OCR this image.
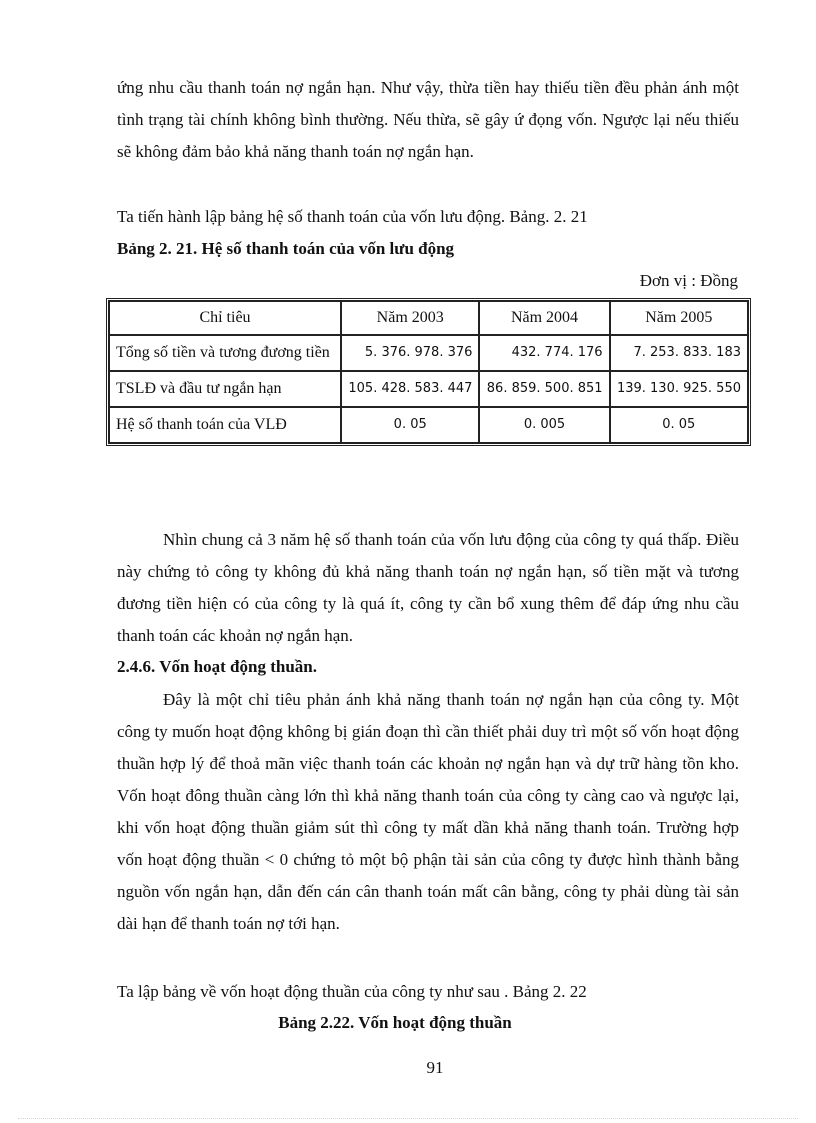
ứng nhu cầu thanh toán nợ ngắn hạn. Như vậy, thừa tiền hay thiếu tiền đều phản ánh một tình trạng tài chính không bình thường. Nếu thừa, sẽ gây ứ đọng vốn. Ngược lại nếu thiếu sẽ không đảm bảo khả năng thanh toán nợ ngắn hạn.

Ta tiến hành lập bảng hệ số thanh toán của vốn lưu động. Bảng. 2. 21

Bảng 2. 21. Hệ số thanh toán của vốn lưu động

Đơn vị : Đồng
Chỉ tiêu	Năm 2003	Năm 2004	Năm 2005
Tổng số tiền và tương đương tiền	5. 376. 978. 376	432. 774. 176	7. 253. 833. 183
TSLĐ và đầu tư ngắn hạn	105. 428. 583. 447	86. 859. 500. 851	139. 130. 925. 550
Hệ số thanh toán của VLĐ	0. 05	0. 005	0. 05

Nhìn chung cả 3 năm hệ số thanh toán của vốn lưu động của công ty quá thấp. Điều này chứng tỏ công ty không đủ khả năng thanh toán nợ ngắn hạn, số tiền mặt và tương đương tiền hiện có của công ty là quá ít, công ty cần bổ xung thêm để đáp ứng nhu cầu thanh toán các khoản nợ ngắn hạn.

2.4.6. Vốn hoạt động thuần.

Đây là một chỉ tiêu phản ánh khả năng thanh toán nợ ngắn hạn của công ty. Một công ty muốn hoạt động không bị gián đoạn thì cần thiết phải duy trì một số vốn hoạt động thuần hợp lý để thoả mãn việc thanh toán các khoản nợ ngắn hạn và dự trữ hàng tồn kho. Vốn hoạt đông thuần càng lớn thì khả năng thanh toán của công ty càng cao và ngược lại, khi vốn hoạt động thuần giảm sút thì công ty mất dần khả năng thanh toán. Trường hợp vốn hoạt động thuần < 0 chứng tỏ một bộ phận tài sản của công ty được hình thành bằng nguồn vốn ngắn hạn, dẫn đến cán cân thanh toán mất cân bằng, công ty phải dùng tài sản dài hạn để thanh toán nợ tới hạn.

Ta lập bảng về vốn hoạt động thuần của công ty như sau . Bảng 2. 22

Bảng 2.22. Vốn hoạt động thuần
91
